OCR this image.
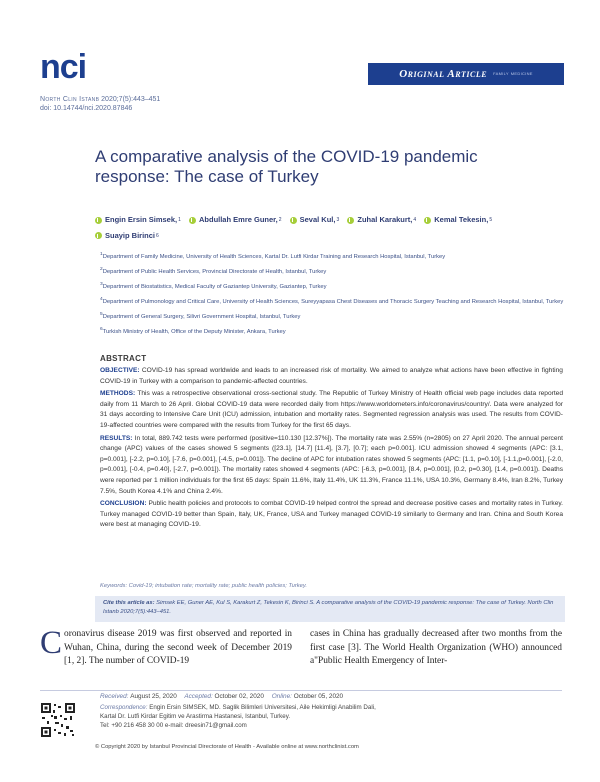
nci	Original Article family medicine
North Clin Istanb 2020;7(5):443–451
doi: 10.14744/nci.2020.87846
A comparative analysis of the COVID-19 pandemic response: The case of Turkey
Engin Ersin Simsek, 1
Abdullah Emre Guner, 2
Seval Kul, 3
Zuhal Karakurt, 4
Kemal Tekesin, 5

Suayip Birinci 6
$^1$Department of Family Medicine, University of Health Sciences, Kartal Dr. Lutfi Kirdar Training and Research Hospital, Istanbul, Turkey
$^2$Department of Public Health Services, Provincial Directorate of Health, Istanbul, Turkey
$^3$Department of Biostatistics, Medical Faculty of Gaziantep University, Gaziantep, Turkey
$^4$Department of Pulmonology and Critical Care, University of Health Sciences, Sureyyapasa Chest Diseases and Thoracic Surgery Teaching and Research Hospital, Istanbul, Turkey
$^5$Department of General Surgery, Silivri Government Hospital, Istanbul, Turkey
$^6$Turkish Ministry of Health, Office of the Deputy Minister, Ankara, Turkey
ABSTRACT

OBJECTIVE: COVID-19 has spread worldwide and leads to an increased risk of mortality. We aimed to analyze what actions have been effective in fighting COVID-19 in Turkey with a comparison to pandemic-affected countries.

METHODS: This was a retrospective observational cross-sectional study. The Republic of Turkey Ministry of Health official web page includes data reported daily from 11 March to 26 April. Global COVID-19 data were recorded daily from https://www.worldometers.info/coronavirus/country/. Data were analyzed for 31 days according to Intensive Care Unit (ICU) admission, intubation and mortality rates. Segmented regression analysis was used. The results from COVID-19-affected countries were compared with the results from Turkey for the first 65 days.

RESULTS: In total, 889.742 tests were performed (positive=110.130 [12.37%]). The mortality rate was 2.55% (n=2805) on 27 April 2020. The annual percent change (APC) values of the cases showed 5 segments ([23.1], [14.7] [11.4], [3.7], [0.7]; each p=0.001]. ICU admission showed 4 segments (APC: [3.1, p=0.001], [-2.2, p=0.10], [-7.6, p=0.001], [-4.5, p=0.001]). The decline of APC for intubation rates showed 5 segments (APC: [1.1, p=0.10], [-1.1,p=0.001], [-2.0, p=0.001], [-0.4, p=0.40], [-2.7, p=0.001]). The mortality rates showed 4 segments (APC: [-6.3, p=0.001], [8.4, p=0.001], [0.2, p=0.30], [1.4, p=0.001]). Deaths were reported per 1 million individuals for the first 65 days: Spain 11.6%, Italy 11.4%, UK 11.3%, France 11.1%, USA 10.3%, Germany 8.4%, Iran 8.2%, Turkey 7.5%, South Korea 4.1% and China 2.4%.

CONCLUSION: Public health policies and protocols to combat COVID-19 helped control the spread and decrease positive cases and mortality rates in Turkey. Turkey managed COVID-19 better than Spain, Italy, UK, France, USA and Turkey managed COVID-19 similarly to Germany and Iran. China and South Korea were best at managing COVID-19.

Keywords: Covid-19; intubation rate; mortality rate; public health policies; Turkey.
Cite this article as: Simsek EE, Guner AE, Kul S, Karakurt Z, Tekesin K, Birinci S. A comparative analysis of the COVID-19 pandemic response: The case of Turkey. North Clin Istanb 2020;7(5):443–451.
Coronavirus disease 2019 was first observed and reported in Wuhan, China, during the second week of December 2019 [1, 2]. The number of COVID-19
cases in China has gradually decreased after two months from the first case [3]. The World Health Organization (WHO) announced a"Public Health Emergency of Inter-
Received: August 25, 2020 Accepted: October 02, 2020 Online: October 05, 2020
Correspondence: Engin Ersin SIMSEK, MD. Saglik Bilimleri Universitesi, Aile Hekimligi Anabilim Dali,
Kartal Dr. Lutfi Kirdar Egitim ve Arastirma Hastanesi, Istanbul, Turkey.
Tel: +90 216 458 30 00 e-mail: dreesin71@gmail.com
© Copyright 2020 by Istanbul Provincial Directorate of Health - Available online at www.northclinist.com
